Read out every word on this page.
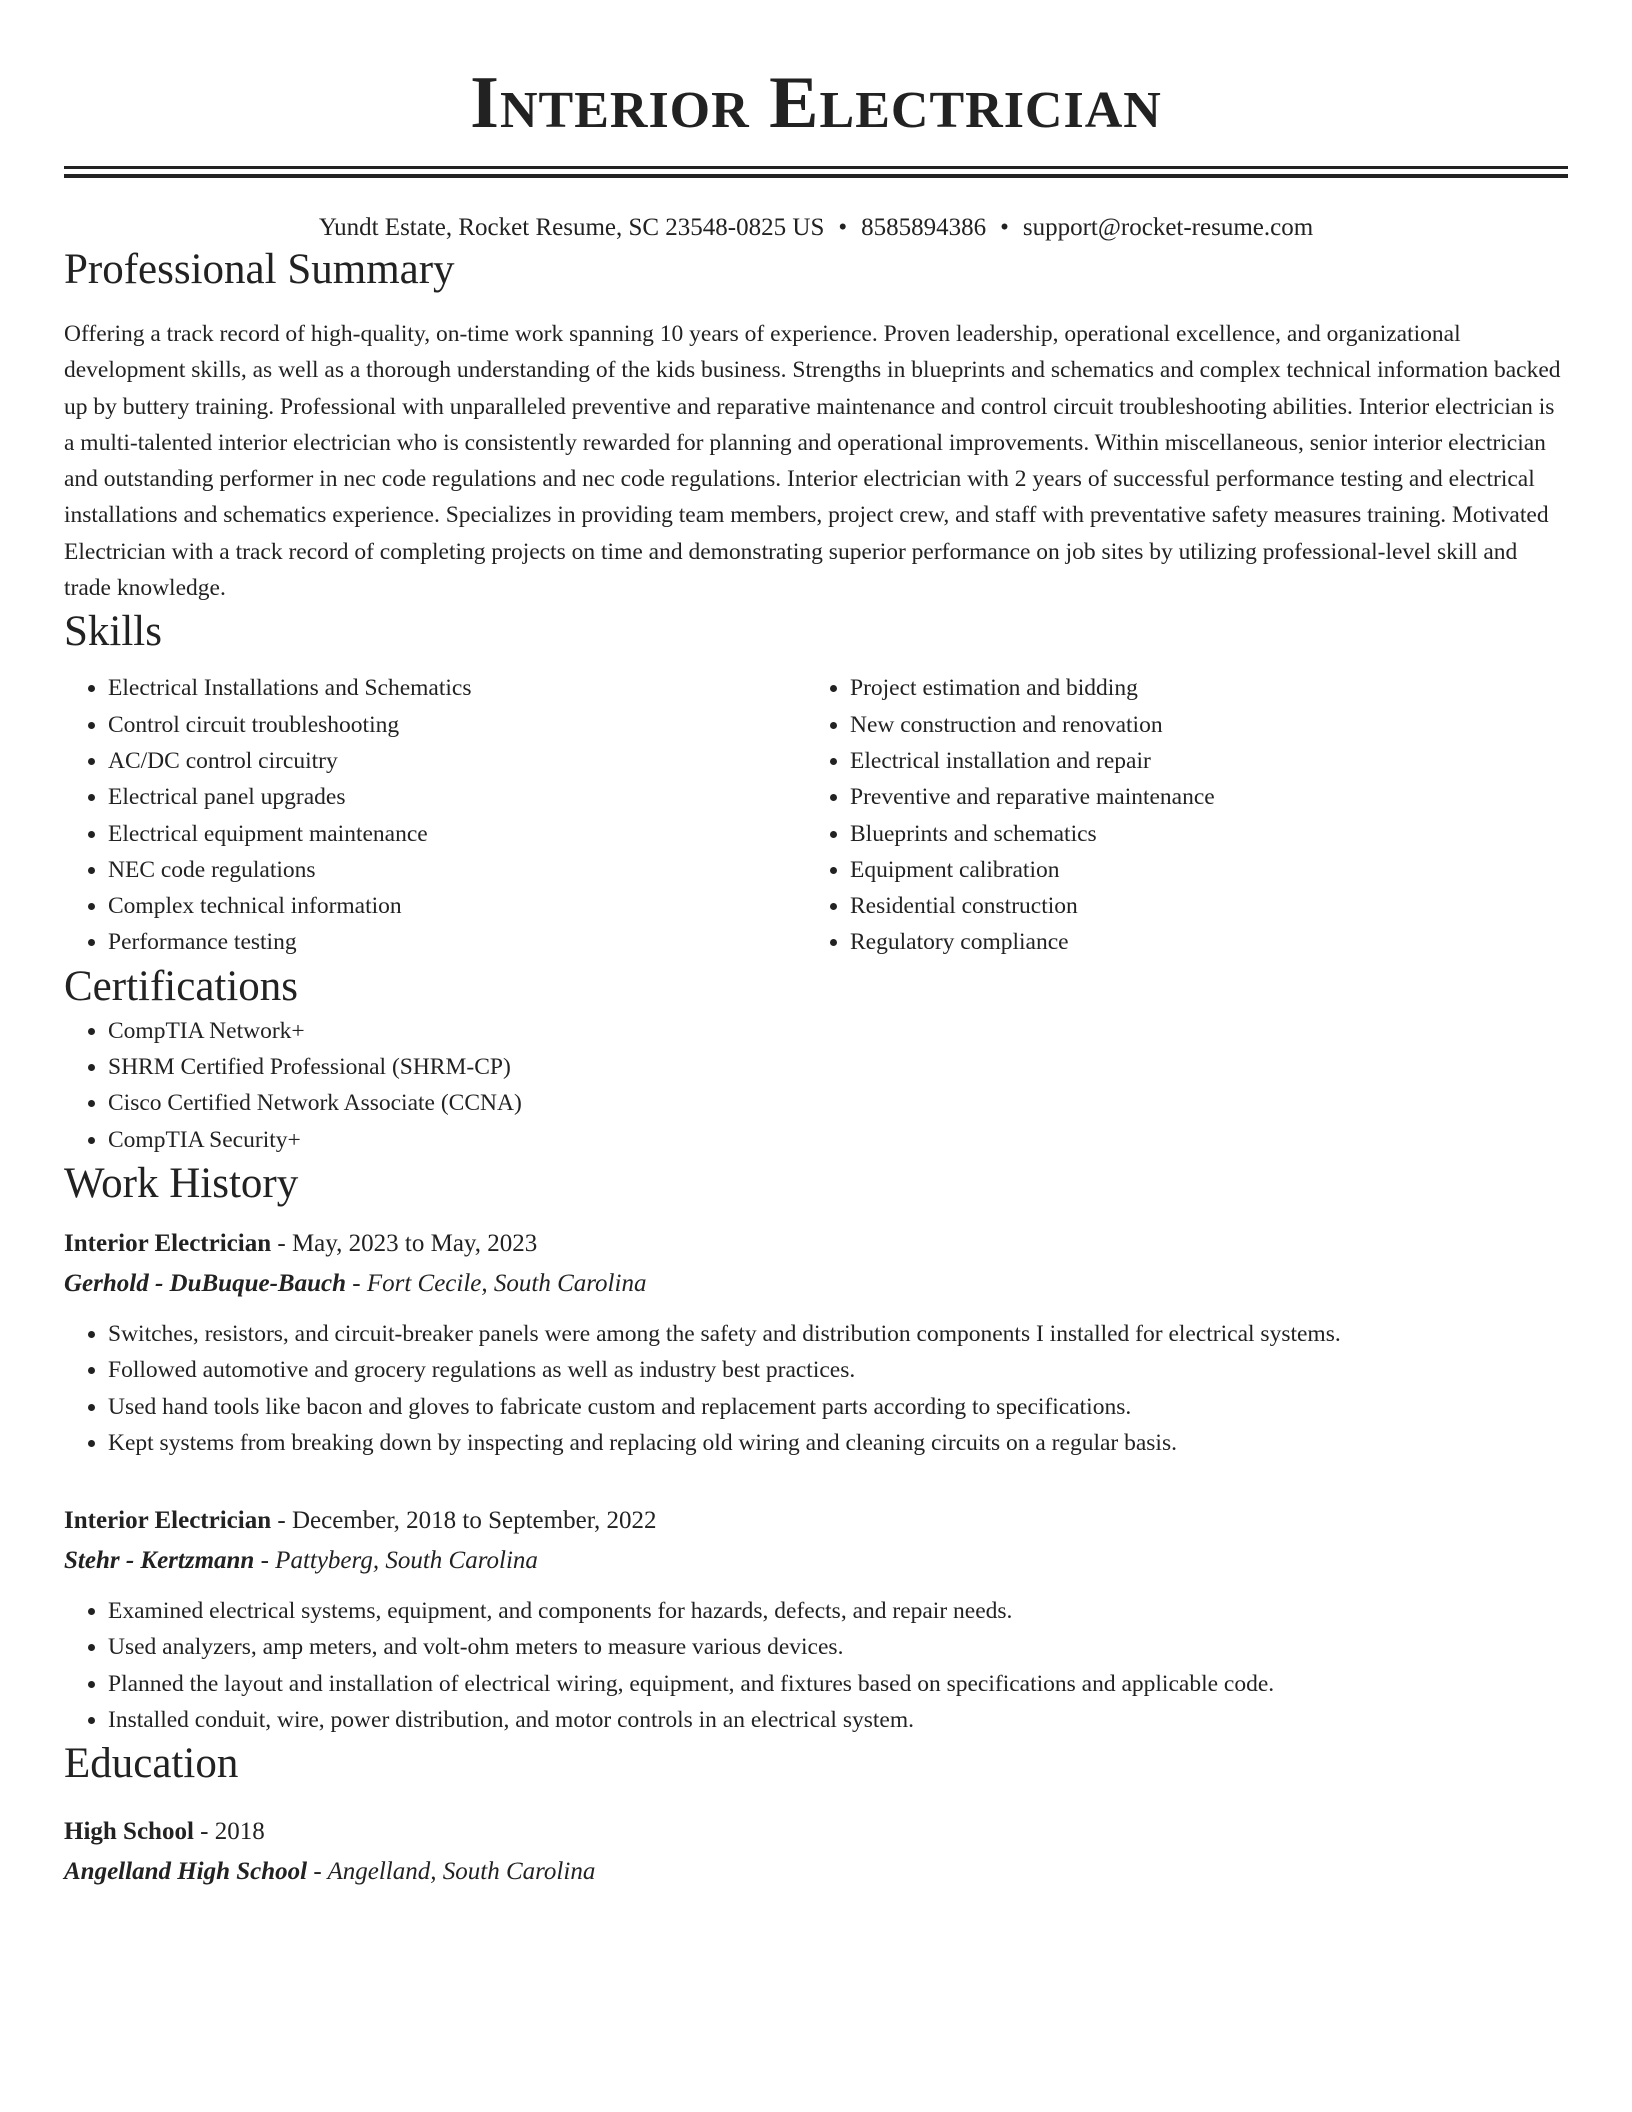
Interior Electrician
Yundt Estate, Rocket Resume, SC 23548-0825 US • 8585894386 • support@rocket-resume.com
Professional Summary

Offering a track record of high-quality, on-time work spanning 10 years of experience. Proven leadership, operational excellence, and organizational development skills, as well as a thorough understanding of the kids business. Strengths in blueprints and schematics and complex technical information backed up by buttery training. Professional with unparalleled preventive and reparative maintenance and control circuit troubleshooting abilities. Interior electrician is a multi-talented interior electrician who is consistently rewarded for planning and operational improvements. Within miscellaneous, senior interior electrician and outstanding performer in nec code regulations and nec code regulations. Interior electrician with 2 years of successful performance testing and electrical installations and schematics experience. Specializes in providing team members, project crew, and staff with preventative safety measures training. Motivated Electrician with a track record of completing projects on time and demonstrating superior performance on job sites by utilizing professional-level skill and trade knowledge.

Skills
• Electrical Installations and Schematics
• Control circuit troubleshooting
• AC/DC control circuitry
• Electrical panel upgrades
• Electrical equipment maintenance
• NEC code regulations
• Complex technical information
• Performance testing
• Project estimation and bidding
• New construction and renovation
• Electrical installation and repair
• Preventive and reparative maintenance
• Blueprints and schematics
• Equipment calibration
• Residential construction
• Regulatory compliance
Certifications
• CompTIA Network+
• SHRM Certified Professional (SHRM-CP)
• Cisco Certified Network Associate (CCNA)
• CompTIA Security+
Work History
Interior Electrician - May, 2023 to May, 2023
Gerhold - DuBuque-Bauch - Fort Cecile, South Carolina
• Switches, resistors, and circuit-breaker panels were among the safety and distribution components I installed for electrical systems.
• Followed automotive and grocery regulations as well as industry best practices.
• Used hand tools like bacon and gloves to fabricate custom and replacement parts according to specifications.
• Kept systems from breaking down by inspecting and replacing old wiring and cleaning circuits on a regular basis.
Interior Electrician - December, 2018 to September, 2022
Stehr - Kertzmann - Pattyberg, South Carolina
• Examined electrical systems, equipment, and components for hazards, defects, and repair needs.
• Used analyzers, amp meters, and volt-ohm meters to measure various devices.
• Planned the layout and installation of electrical wiring, equipment, and fixtures based on specifications and applicable code.
• Installed conduit, wire, power distribution, and motor controls in an electrical system.
Education
High School - 2018
Angelland High School - Angelland, South Carolina
